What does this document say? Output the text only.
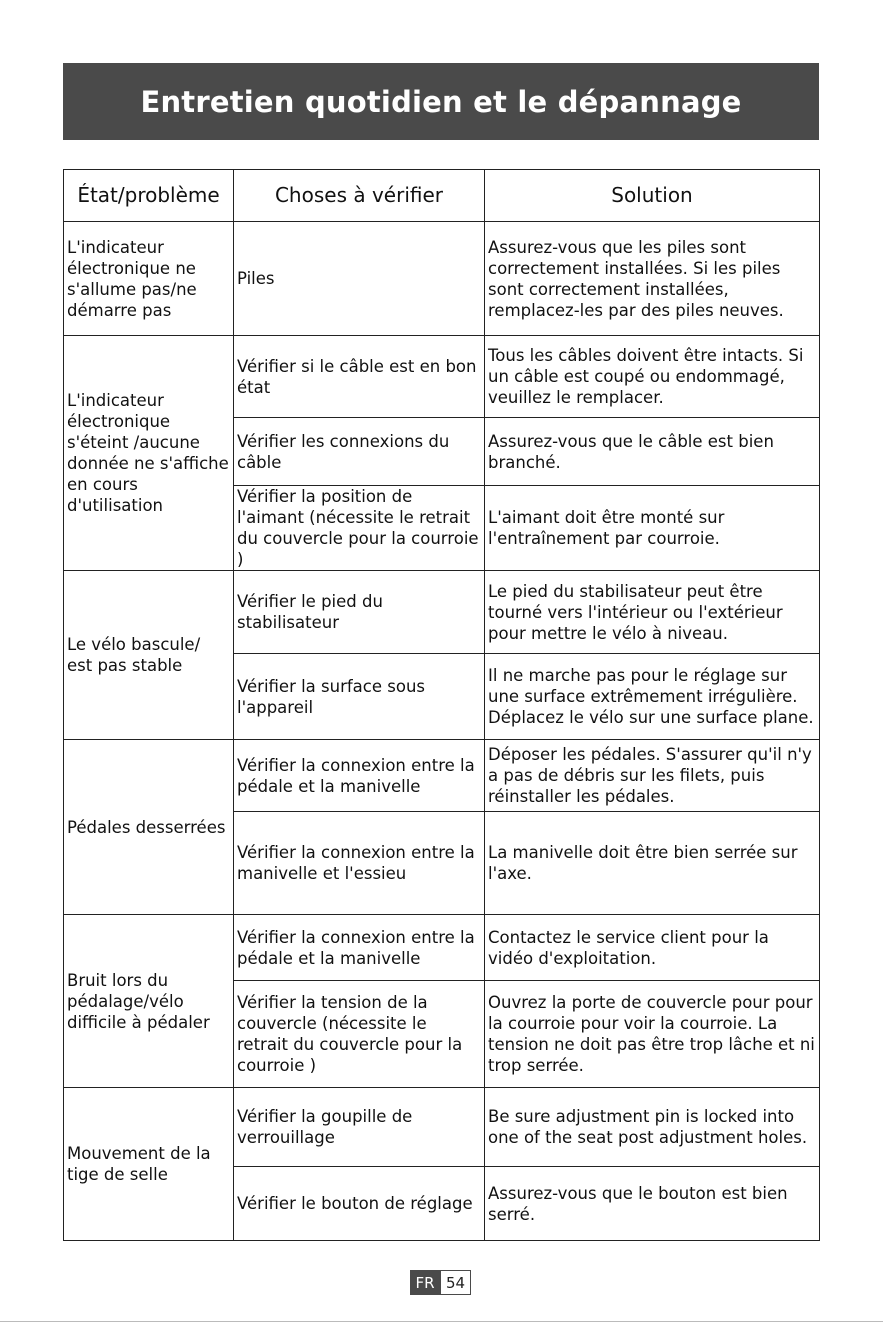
Entretien quotidien et le dépannage
État/problème	Choses à vérifier	Solution
L'indicateur électronique ne s'allume pas/ne démarre pas	Piles	Assurez-vous que les piles sont correctement installées. Si les piles sont correctement installées, remplacez-les par des piles neuves.
L'indicateur électronique s'éteint /aucune donnée ne s'affiche en cours d'utilisation	Vérifier si le câble est en bon état	Tous les câbles doivent être intacts. Si un câble est coupé ou endommagé, veuillez le remplacer.
	Vérifier les connexions du câble	Assurez-vous que le câble est bien branché.
	Vérifier la position de l'aimant (nécessite le retrait du couvercle pour la courroie )	L'aimant doit être monté sur l'entraînement par courroie.
Le vélo bascule/ est pas stable	Vérifier le pied du stabilisateur	Le pied du stabilisateur peut être tourné vers l'intérieur ou l'extérieur pour mettre le vélo à niveau.
	Vérifier la surface sous l'appareil	Il ne marche pas pour le réglage sur une surface extrêmement irrégulière. Déplacez le vélo sur une surface plane.
Pédales desserrées	Vérifier la connexion entre la pédale et la manivelle	Déposer les pédales. S'assurer qu'il n'y a pas de débris sur les filets, puis réinstaller les pédales.
	Vérifier la connexion entre la manivelle et l'essieu	La manivelle doit être bien serrée sur l'axe.
Bruit lors du pédalage/vélo difficile à pédaler	Vérifier la connexion entre la pédale et la manivelle	Contactez le service client pour la vidéo d'exploitation.
	Vérifier la tension de la couvercle (nécessite le retrait du couvercle pour la courroie )	Ouvrez la porte de couvercle pour pour la courroie pour voir la courroie. La tension ne doit pas être trop lâche et ni trop serrée.
Mouvement de la tige de selle	Vérifier la goupille de verrouillage	Be sure adjustment pin is locked into one of the seat post adjustment holes.
	Vérifier le bouton de réglage	Assurez-vous que le bouton est bien serré.
FR 54
